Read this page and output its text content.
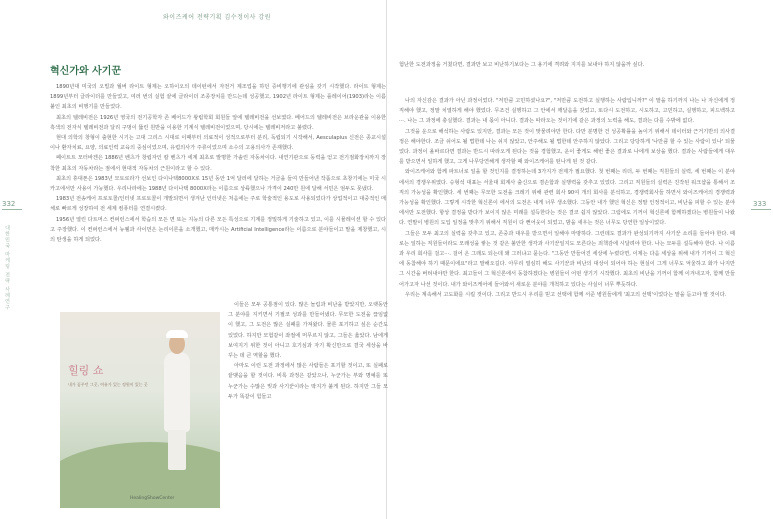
와이즈케어 전략기획 김수정이사 강원
332	333
대한민국 마케팅 전략 사례연구
혁신가와 사기꾼

1890년대 미국의 오빌과 월버 라이트 형제는 오하이오의 데이턴에서 자전거 제조업을 하던 증비행기에 관심을 갖기 시작했다. 라이트 형제는 1899년부터 글라이더를 만들었고, 여러 번의 실험 끝에 글라이더 조종장치를 만드는데 성공했고, 1902년 라이트 형제는 플레이어(1903)라는 이름 붙인 최초의 비행기를 만들었다.

최초의 텔레비전은 1926년 영국의 전기공학자 존 베어드가 왕립학회 회원들 앞에 텔레비전을 선보였다. 베어드의 텔레비전은 브라운관을 이용한 흑색의 전자식 텔레비전과 달리 구멍이 뚫린 원반을 이용한 기계식 텔레비전이었으며, 당시에는 텔레비저라고 불렸다.

현대 의학의 창형이 출현한 시기는 고대 그리스 시대로 이때부터 의료적이 성적으로부터 분리, 독립되기 시작해서, Aesculapius 신전은 종교시설이나 환자치료, 요양, 의료인력 교육의 중심이었으며, 유럽의사가 주류이었으며 소수의 고용의사가 존재했다.

페이트트 모터바겐은 1886년 벤츠가 창립자인 칼 벤츠가 세계 최초로 발명한 가솔린 자동차이다. 내연기관으로 동력을 얻고 전기점화장치까지 장착한 최초의 자동차라는 점에서 현대적 자동차의 근원이라고 할 수 있다.

최초의 휴대폰은 1983년 모토로라가 선보인 다이나택8000X로 15년 동안 1억 달러에 달하는 거금을 들여 만들어낸 작품으로 초창기에는 미국 시카고에서만 사용이 가능했다. 우리나라에는 1988년 다이나택 8000X라는 이름으로 상륙했으나 가격이 240만 원에 달해 서민은 엄두도 못냈다.

1983년 전송케어 프로토콜/인터넷 프로토콜이 개발되면서 생겨난 인터넷은 처음에는 주로 학술적인 용도로 사용되었다가 상업적이고 대중적인 매체로 빠르게 성장하여 전 세계 컴퓨터를 연결시켰다.

1956년 열린 다트머스 컨퍼런스에서 학습의 모든 면 또는 지능의 다른 모든 특성으로 기계를 정밀하게 기술하고 있고, 이를 시뮬레이션 할 수 있다고 주장했다. 이 컨퍼런스에서 뉴웰과 사이먼은 논리이론을 소개했고, 매카시는 Artificial Intelligence라는 이름으로 분야들이고 말을 제창했고, 시의 탄생을 하게 되었다.

힐링 쇼
내가 꿈꾸던 그곳, 여유가 있는 정원이 있는 곳
HealingShowCenter

이들은 모두 공통점이 있다. 많은 놀림과 비난을 받았지만, 오랫동안 그 분야를 지키면서 기필코 성과를 만들어냈다. 무모한 도전을 끊임없이 했고, 그 도전은 많은 실패를 가져왔다. 물론 포기하고 싶은 순간도 있었다. 하지만 모험같이 좌절에 머무르지 않고, 그들은 옳았다. 남에게 보여지기 위한 것이 아니고 호기심과 자기 확신만으로 결국 세상을 바꾸는 데 큰 역할을 했다.

아마도 이런 도전 과정에서 많은 사람들은 포기할 것이고, 또 실패로 끝맺음을 할 것이다. 비록 과정은 같았으나, 누군가는 부와 명예를 또 누군가는 수많은 빚과 사기꾼이라는 딱지가 붙게 된다. 하지만 그들 모두가 똑같이 힘들고

험난한 도전과정을 거쳤다면, 결과만 보고 비난하기보다는 그 용기에 격려와 지지를 보내야 하지 않을까 싶다.

나의 자신감은 결과가 아닌 과정이었다. "저만큼 고민하셨나요?", "저만큼 도전하고 실행하는 사람입니까?" 이 말을 하기까지 나는 나 자신에게 정직해야 했고, 정말 치열하게 해야 했었다. 무조건 실행하고 그 안에서 깨달음을 갖었고, 또다시 도전하고, 시도하고, 고민하고, 실행하고, 피드백하고···. 나는 그 과정에 충실했다. 결과는 내 몫이 아니다. 결과는 따라오는 것이기에 같은 과정의 노력을 해도, 결과는 다를 수밖에 없다.

그것을 운으로 해석하는 사람도 있지만, 결과는 모든 것이 맞물려야만 한다. 다만 분명한 건 성공확률을 높이기 위해서 데이터와 근거기반의 의사결정은 해야한다. 조금 쉬어도 될 법한데 나는 쉬지 않았고, 안주해도 될 법한데 안주하지 않았다. 그리고 당당하게 '나만큼 할 수 있는 사람이 있나' 되물었다. 과정이 올바르다면 결과는 반드시 따라오게 된다는 것을 경험했고, 운이 좋게도 해번 좋은 결과로 나에게 보상을 했다. 결과는 사람들에게 대우를 받으면서 일하게 했고, 그게 나무당연해게 생각할 때 와이즈케어를 떤나게 된 것 같다.

와이즈케어와 함께 파트너로 일을 할 것인지를 결정하는데 3가지가 전제가 필요했다. 첫 번째는 리더, 두 번째는 직원들의 실력, 세 번째는 이 분야에서의 경쟁우위였다. 승형석 대표는 서울대 회계사 출신으로 겸손함과 실행력을 갖추고 있었다. 그리고 직원들의 실력은 진작된 워크샵을 통해서 조직의 가능성을 확인했다. 세 번째는 무모한 도전을 크레기 위해 관련 회사 90여 개의 회사를 분석하고, 경쟁력회사들 하면서 와이즈케어의 경쟁력과 가능성을 확인했다. 그렇게 시작한 혁신론이 에서의 도전은 내게 너무 생소했다. 그동안 내가 했던 혁신은 정말 인정적이고, 비난을 피할 수 있는 분야에서만 도전했다. 항상 결정을 받다가 보이지 않은 미래를 설득한다는 것은 결코 쉽지 않았다. 그럼에도 기꺼이 혁신론에 함께하겠다는 병원들이 나왔다. 연말이 병원의 도입 일정을 맞추기 위해서 직원이 다 뻔어웃이 되었고, 밤을 새우는 것은 너무도 당연한 일상이었다.

그들은 모두 최고의 실력을 갖추고 있고, 존중과 대우를 받으면서 일해야 마땅하다. 그런데도 결과가 완성되기까지 사기꾼 소리를 들어야 한다. 때로는 일하는 직원들이라도 모래성을 쌓는 것 같은 불안한 생각과 사기꾼일지도 모른다는 죄책감에 시달려야 한다. 나는 모두를 설득해야 한다. 나 이름과 우리 회사를 걸고···. 걸어 온 그래도 되는데 왜 그러냐고 묻는다. "그동안 만들어진 세상에 누렸다면, 이제는 다음 세상을 위해 내가 기꺼이 그 혁신에 동참해야 하기 때문이에요"라고 말해오길다. 아무리 열심히 해도 사기꾼과 비난의 대상이 되어야 하는 현실이 그게 너무도 억울하고 화가 나지만 그 시간을 버텨내야만 한다. 최고들이 그 혁신론에서 동참하겠다는 병원들이 어떤 생기기 시작했다. 최초의 비난을 기꺼이 함께 이겨내고자, 함께 만들어가고자 나선 것이다. 내가 와이즈케어에 들어와서 새로운 분야를 개척하고 있다는 사실이 너무 뿌듯하다.

우리는 계속해서 고도화를 시킬 것이다. 그리고 반드시 우리를 믿고 선택에 함께 서준 병원들에게 '최고의 선택'이었다는 말을 듣고야 말 것이다.
